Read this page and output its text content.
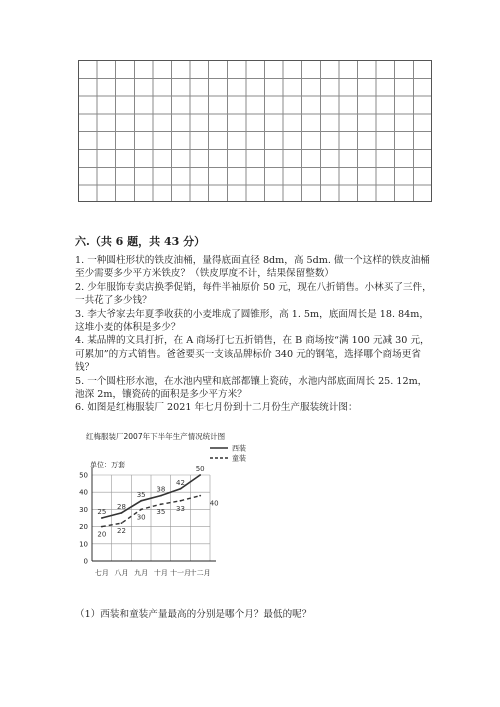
六.（共 6 题，共 43 分）
1. 一种圆柱形状的铁皮油桶，量得底面直径 8dm，高 5dm. 做一个这样的铁皮油桶至少需要多少平方米铁皮？（铁皮厚度不计，结果保留整数）
2. 少年服饰专卖店换季促销，每件半袖原价 50 元，现在八折销售。小林买了三件，一共花了多少钱？
3. 李大爷家去年夏季收获的小麦堆成了圆锥形，高 1. 5m，底面周长是 18. 84m，这堆小麦的体积是多少？
4. 某品牌的文具打折，在 A 商场打七五折销售，在 B 商场按“满 100 元减 30 元，可累加”的方式销售。爸爸要买一支该品牌标价 340 元的钢笔，选择哪个商场更省钱？
5. 一个圆柱形水池，在水池内壁和底部都镶上瓷砖，水池内部底面周长 25. 12m，池深 2m，镶瓷砖的面积是多少平方米？
6. 如图是红梅服装厂 2021 年七月份到十二月份生产服装统计图：
红梅服装厂2007年下半年生产情况统计图
单位：万套
0
10
20
30
40
50
七月 八月 九月 十月 十一月
十二月
25
28
35
38
42
50
20 22
30
35 33
40
西装
童装
（1）西装和童装产量最高的分别是哪个月？最低的呢？
